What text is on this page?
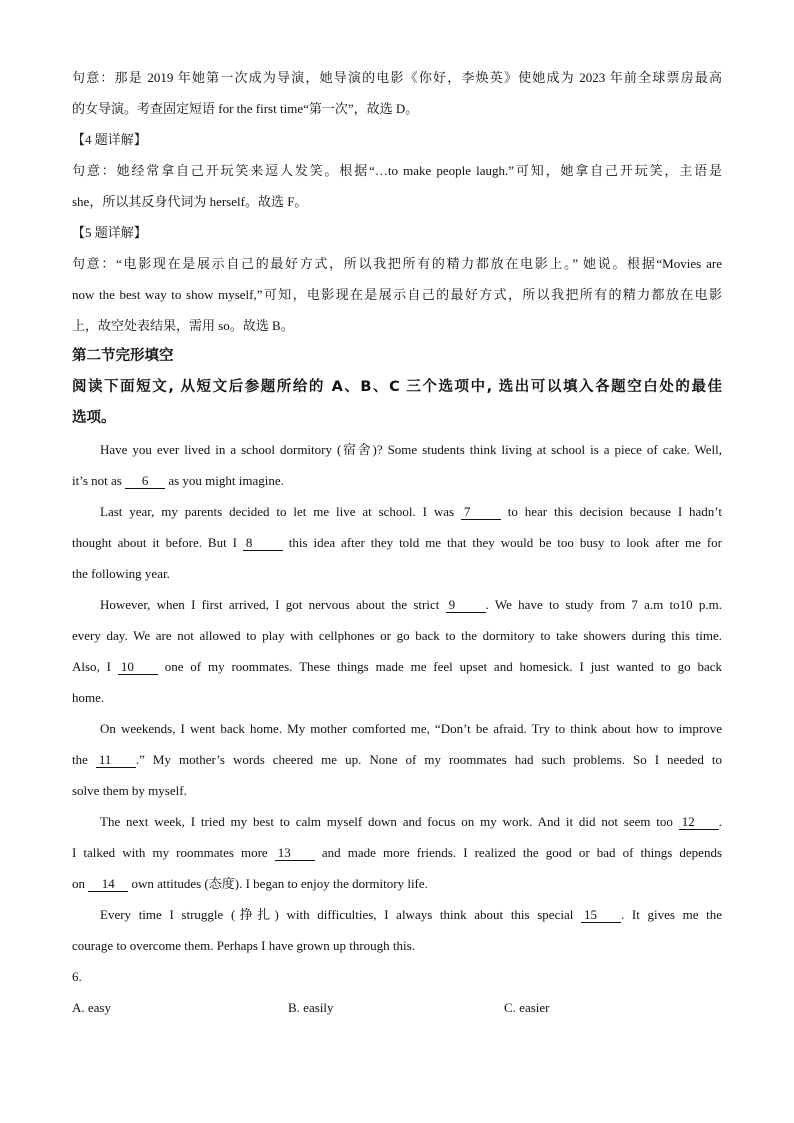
句意：那是 2019 年她第一次成为导演，她导演的电影《你好，李焕英》使她成为 2023 年前全球票房最高
的女导演。考查固定短语 for the first time“第一次”，故选 D。
【4 题详解】
句意：她经常拿自己开玩笑来逗人发笑。根据“…to make people laugh.”可知，她拿自己开玩笑，主语是
she，所以其反身代词为 herself。故选 F。
【5 题详解】
句意：“电影现在是展示自己的最好方式，所以我把所有的精力都放在电影上。” 她说。根据“Movies are
now the best way to show myself,”可知，电影现在是展示自己的最好方式，所以我把所有的精力都放在电影
上，故空处表结果，需用 so。故选 B。
第二节完形填空
阅读下面短文, 从短文后参题所给的 A、B、C 三个选项中, 选出可以填入各题空白处的最佳
选项。
Have you ever lived in a school dormitory (宿舍)? Some students think living at school is a piece of cake. Well,
it’s not as 6 as you might imagine.
Last year, my parents decided to let me live at school. I was 7 to hear this decision because I hadn’t
thought about it before. But I 8 this idea after they told me that they would be too busy to look after me for
the following year.
However, when I first arrived, I got nervous about the strict 9 . We have to study from 7 a.m to10 p.m.
every day. We are not allowed to play with cellphones or go back to the dormitory to take showers during this time.
Also, I 10 one of my roommates. These things made me feel upset and homesick. I just wanted to go back
home.
On weekends, I went back home. My mother comforted me, “Don’t be afraid. Try to think about how to improve
the 11 .” My mother’s words cheered me up. None of my roommates had such problems. So I needed to
solve them by myself.
The next week, I tried my best to calm myself down and focus on my work. And it did not seem too 12 .
I talked with my roommates more 13 and made more friends. I realized the good or bad of things depends
on 14 own attitudes (态度). I began to enjoy the dormitory life.
Every time I struggle (挣扎) with difficulties, I always think about this special 15 . It gives me the
courage to overcome them. Perhaps I have grown up through this.
6.
A. easy	B. easily	C. easier
